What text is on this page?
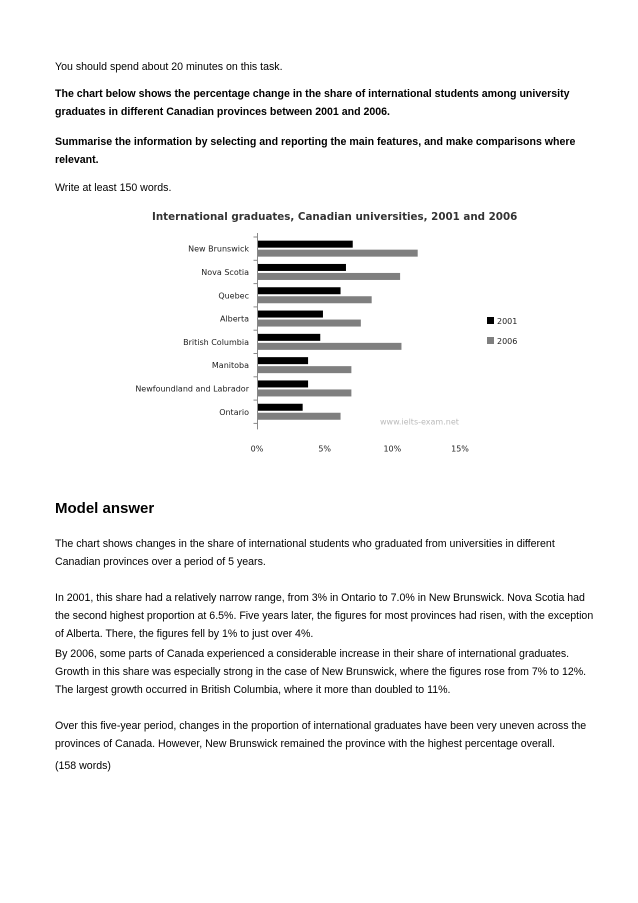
You should spend about 20 minutes on this task.

The chart below shows the percentage change in the share of international students among university graduates in different Canadian provinces between 2001 and 2006.

Summarise the information by selecting and reporting the main features, and make comparisons where relevant.

Write at least 150 words.

International graduates, Canadian universities, 2001 and 2006
New Brunswick
Nova Scotia
Quebec
Alberta
British Columbia
Manitoba
Newfoundland and Labrador
Ontario
0%	5%	10%	15%
www.ielts-exam.net
2001
2006
Model answer

The chart shows changes in the share of international students who graduated from universities in different Canadian provinces over a period of 5 years.

In 2001, this share had a relatively narrow range, from 3% in Ontario to 7.0% in New Brunswick. Nova Scotia had the second highest proportion at 6.5%. Five years later, the figures for most provinces had risen, with the exception of Alberta. There, the figures fell by 1% to just over 4%.

By 2006, some parts of Canada experienced a considerable increase in their share of international graduates. Growth in this share was especially strong in the case of New Brunswick, where the figures rose from 7% to 12%. The largest growth occurred in British Columbia, where it more than doubled to 11%.

Over this five-year period, changes in the proportion of international graduates have been very uneven across the provinces of Canada. However, New Brunswick remained the province with the highest percentage overall.

(158 words)
